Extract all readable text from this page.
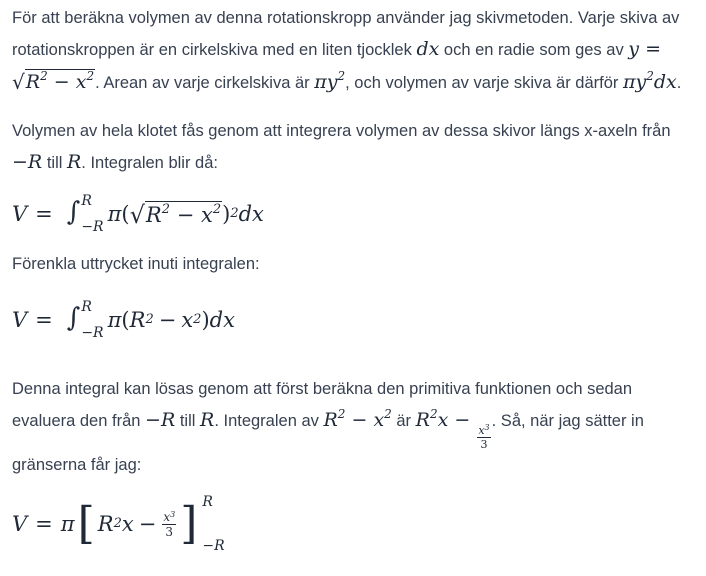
För att beräkna volymen av denna rotationskropp använder jag skivmetoden. Varje skiva av rotationskroppen är en cirkelskiva med en liten tjocklek dx och en radie som ges av $y = √R^2 - x^2$. Arean av varje cirkelskiva är $\pi y^2$, och volymen av varje skiva är därför $\pi y^2dx$.

Volymen av hela klotet fås genom att integrera volymen av dessa skivor längs x-axeln från −R till R. Integralen blir då:

V = ∫ R
−R
π ( √ $R^2 - x^2$ ) 2 dx

Förenkla uttrycket inuti integralen:

V = ∫ R
−R
π ( R 2 − x 2 ) dx

Denna integral kan lösas genom att först beräkna den primitiva funktionen och sedan evaluera den från −R till R. Integralen av $R^2 - x^2$ är $R^2x$ −
$\frac{x^3}{3}$
. Så, när jag sätter in gränserna får jag:

V = π [ R 2 $x - \frac{x^3}{3}$ ] R
−R
